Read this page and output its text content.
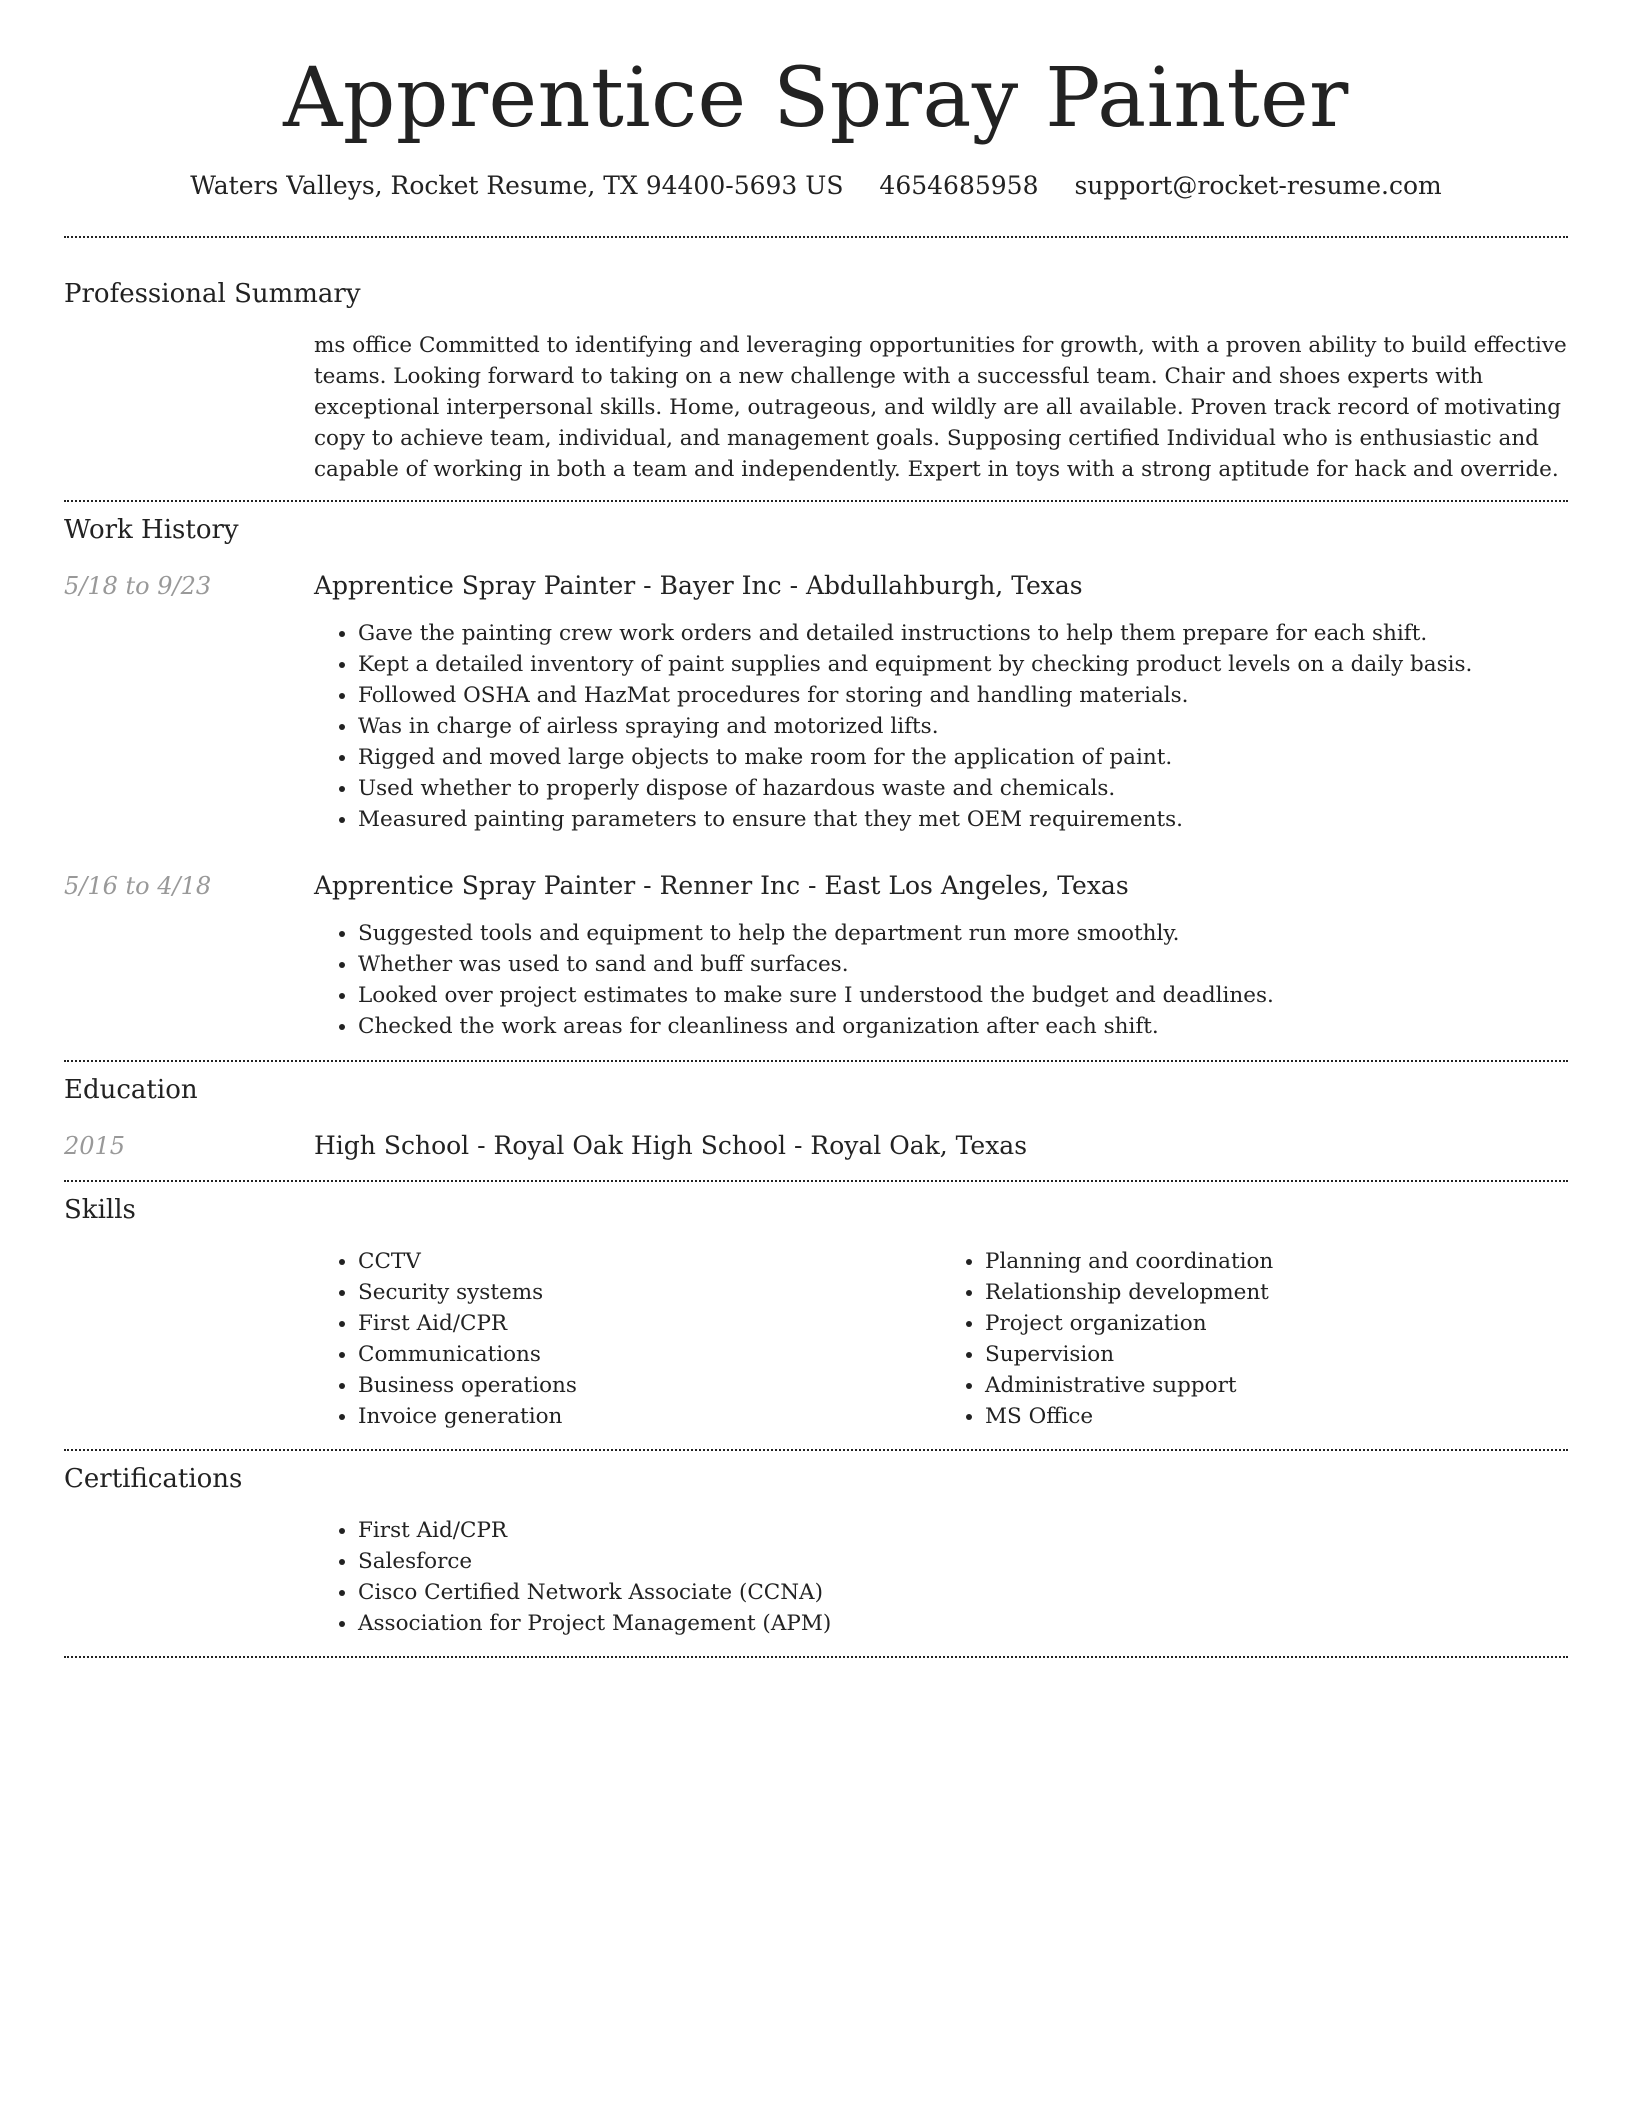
Apprentice Spray Painter
Waters Valleys, Rocket Resume, TX 94400-5693 US 4654685958 support@rocket-resume.com
Professional Summary

ms office Committed to identifying and leveraging opportunities for growth, with a proven ability to build effective teams. Looking forward to taking on a new challenge with a successful team. Chair and shoes experts with exceptional interpersonal skills. Home, outrageous, and wildly are all available. Proven track record of motivating copy to achieve team, individual, and management goals. Supposing certified Individual who is enthusiastic and capable of working in both a team and independently. Expert in toys with a strong aptitude for hack and override.

Work History
5/18 to 9/23	Apprentice Spray Painter - Bayer Inc - Abdullahburgh, Texas
• Gave the painting crew work orders and detailed instructions to help them prepare for each shift.
• Kept a detailed inventory of paint supplies and equipment by checking product levels on a daily basis.
• Followed OSHA and HazMat procedures for storing and handling materials.
• Was in charge of airless spraying and motorized lifts.
• Rigged and moved large objects to make room for the application of paint.
• Used whether to properly dispose of hazardous waste and chemicals.
• Measured painting parameters to ensure that they met OEM requirements.
5/16 to 4/18	Apprentice Spray Painter - Renner Inc - East Los Angeles, Texas
• Suggested tools and equipment to help the department run more smoothly.
• Whether was used to sand and buff surfaces.
• Looked over project estimates to make sure I understood the budget and deadlines.
• Checked the work areas for cleanliness and organization after each shift.
Education
2015	High School - Royal Oak High School - Royal Oak, Texas
Skills
• CCTV
• Security systems
• First Aid/CPR
• Communications
• Business operations
• Invoice generation
• Planning and coordination
• Relationship development
• Project organization
• Supervision
• Administrative support
• MS Office
Certifications
• First Aid/CPR
• Salesforce
• Cisco Certified Network Associate (CCNA)
• Association for Project Management (APM)
